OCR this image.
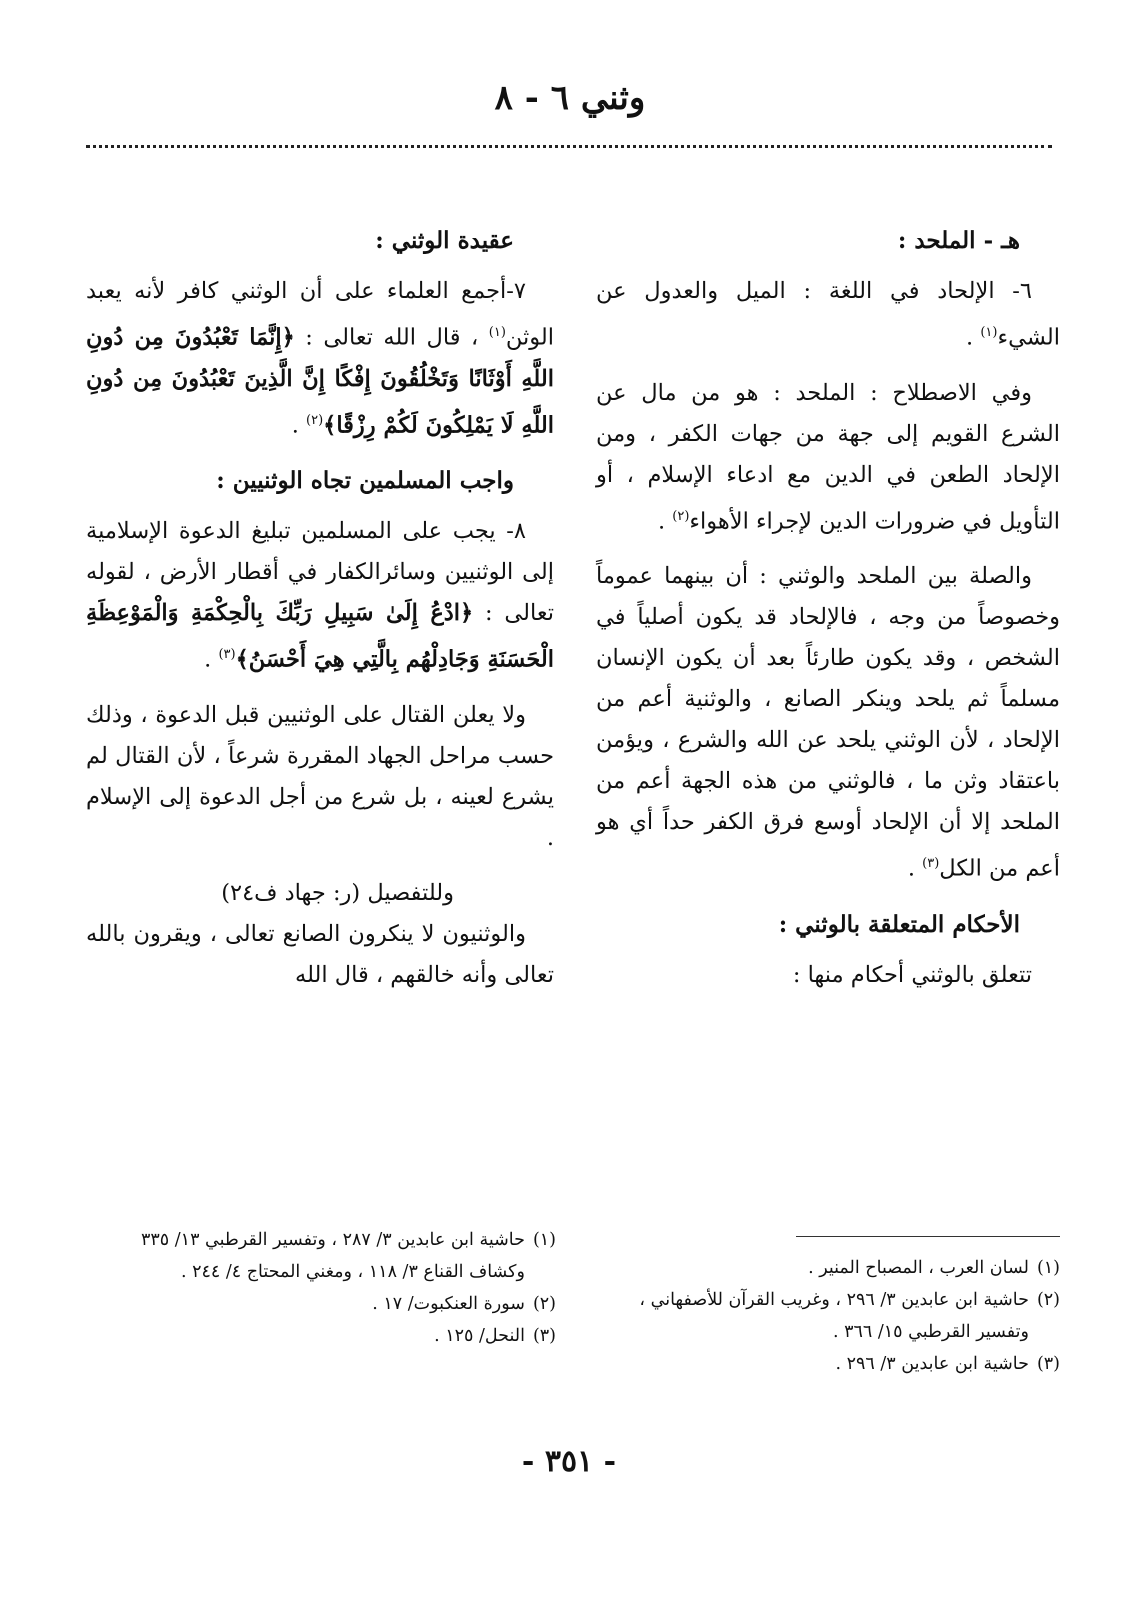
وثني ٦ - ٨
هـ - الملحد :

٦- الإلحاد في اللغة : الميل والعدول عن الشيء$^{(١)}$ .

وفي الاصطلاح : الملحد : هو من مال عن الشرع القويم إلى جهة من جهات الكفر ، ومن الإلحاد الطعن في الدين مع ادعاء الإسلام ، أو التأويل في ضرورات الدين لإجراء الأهواء$^{(٢)}$ .

والصلة بين الملحد والوثني : أن بينهما عموماً وخصوصاً من وجه ، فالإلحاد قد يكون أصلياً في الشخص ، وقد يكون طارئاً بعد أن يكون الإنسان مسلماً ثم يلحد وينكر الصانع ، والوثنية أعم من الإلحاد ، لأن الوثني يلحد عن الله والشرع ، ويؤمن باعتقاد وثن ما ، فالوثني من هذه الجهة أعم من الملحد إلا أن الإلحاد أوسع فرق الكفر حداً أي هو أعم من الكل$^{(٣)}$ .

الأحكام المتعلقة بالوثني :

تتعلق بالوثني أحكام منها :

عقيدة الوثني :

٧-أجمع العلماء على أن الوثني كافر لأنه يعبد الوثن$^{(١)}$ ، قال الله تعالى : ﴿إِنَّمَا تَعْبُدُونَ مِن دُونِ اللَّهِ أَوْثَانًا وَتَخْلُقُونَ إِفْكًا إِنَّ الَّذِينَ تَعْبُدُونَ مِن دُونِ اللَّهِ لَا يَمْلِكُونَ لَكُمْ رِزْقًا﴾$^{(٢)}$ .

واجب المسلمين تجاه الوثنيين :

٨- يجب على المسلمين تبليغ الدعوة الإسلامية إلى الوثنيين وسائرالكفار في أقطار الأرض ، لقوله تعالى : ﴿ادْعُ إِلَىٰ سَبِيلِ رَبِّكَ بِالْحِكْمَةِ وَالْمَوْعِظَةِ الْحَسَنَةِ وَجَادِلْهُم بِالَّتِي هِيَ أَحْسَنُ﴾$^{(٣)}$ .

ولا يعلن القتال على الوثنيين قبل الدعوة ، وذلك حسب مراحل الجهاد المقررة شرعاً ، لأن القتال لم يشرع لعينه ، بل شرع من أجل الدعوة إلى الإسلام .

وللتفصيل (ر: جهاد ف٢٤)

والوثنيون لا ينكرون الصانع تعالى ، ويقرون بالله تعالى وأنه خالقهم ، قال الله

(١)
لسان العرب ، المصباح المنير .
(٢)
حاشية ابن عابدين ٣/ ٢٩٦ ، وغريب القرآن للأصفهاني ، وتفسير القرطبي ١٥/ ٣٦٦ .
(٣)
حاشية ابن عابدين ٣/ ٢٩٦ .
(١)
حاشية ابن عابدين ٣/ ٢٨٧ ، وتفسير القرطبي ١٣/ ٣٣٥ وكشاف القناع ٣/ ١١٨ ، ومغني المحتاج ٤/ ٢٤٤ .
(٢)
سورة العنكبوت/ ١٧ .
(٣)
النحل/ ١٢٥ .
- ٣٥١ -
